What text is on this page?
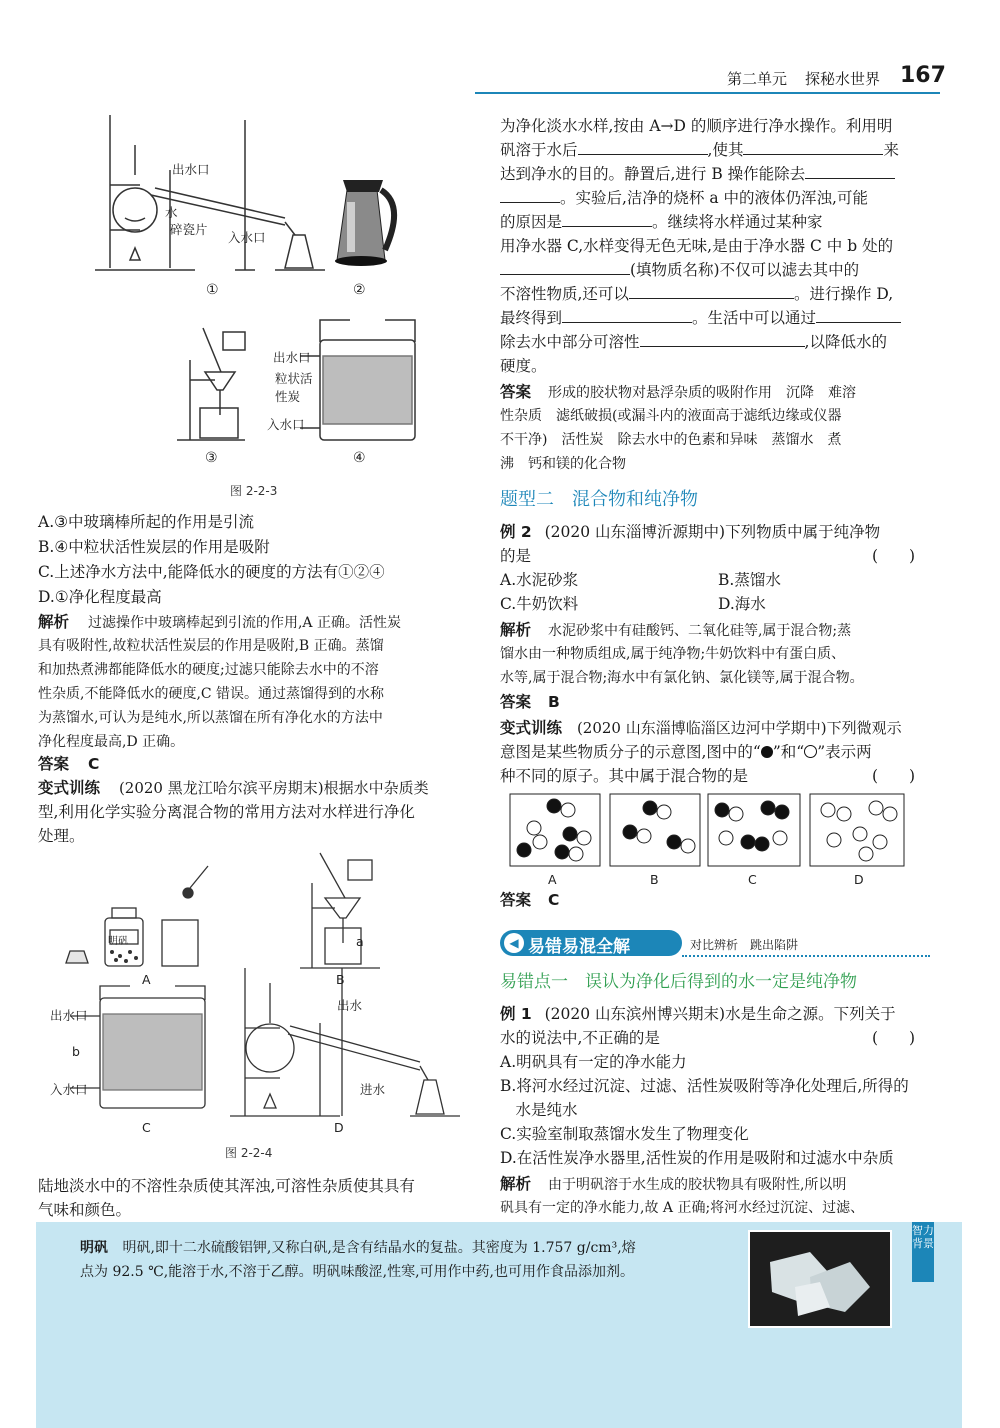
第二单元 探秘水世界 167
出水口
水
碎瓷片
入水口
出水口
粒状活
性炭
入水口
①	②
③	④
图 2-2-3
A.③中玻璃棒所起的作用是引流
B.④中粒状活性炭层的作用是吸附
C.上述净水方法中,能降低水的硬度的方法有①②④
D.①净化程度最高
解析 过滤操作中玻璃棒起到引流的作用,A 正确。活性炭
具有吸附性,故粒状活性炭层的作用是吸附,B 正确。蒸馏
和加热煮沸都能降低水的硬度;过滤只能除去水中的不溶
性杂质,不能降低水的硬度,C 错误。通过蒸馏得到的水称
为蒸馏水,可认为是纯水,所以蒸馏在所有净化水的方法中
净化程度最高,D 正确。
答案 C
变式训练 (2020 黑龙江哈尔滨平房期末)根据水中杂质类
型,利用化学实验分离混合物的常用方法对水样进行净化
处理。
明矾	a
出水口
b
入水口
出水
进水
A	B
C	D
图 2-2-4
陆地淡水中的不溶性杂质使其浑浊,可溶性杂质使其具有
气味和颜色。
为净化淡水水样,按由 A→D 的顺序进行净水操作。利用明
矾溶于水后	,使其	来
达到净水的目的。静置后,进行 B 操作能除去
。实验后,洁净的烧杯 a 中的液体仍浑浊,可能
的原因是	。继续将水样通过某种家
用净水器 C,水样变得无色无味,是由于净水器 C 中 b 处的
(填物质名称)不仅可以滤去其中的
不溶性物质,还可以	。进行操作 D,
最终得到	。生活中可以通过
除去水中部分可溶性	,以降低水的
硬度。
答案 形成的胶状物对悬浮杂质的吸附作用　沉降　难溶
性杂质　滤纸破损(或漏斗内的液面高于滤纸边缘或仪器
不干净)　活性炭　除去水中的色素和异味　蒸馏水　煮
沸　钙和镁的化合物
题型二　混合物和纯净物
例 2 (2020 山东淄博沂源期中)下列物质中属于纯净物
的是	(　　)
A.水泥砂浆	B.蒸馏水
C.牛奶饮料	D.海水
解析 水泥砂浆中有硅酸钙、二氧化硅等,属于混合物;蒸
馏水由一种物质组成,属于纯净物;牛奶饮料中有蛋白质、
水等,属于混合物;海水中有氯化钠、氯化镁等,属于混合物。
答案 B
变式训练 (2020 山东淄博临淄区边河中学期中)下列微观示
意图是某些物质分子的示意图,图中的“ ”和“ ”表示两
种不同的原子。其中属于混合物的是	(　　)
A	B	C	D
答案 C
◀ 易错易混全解	对比辨析　跳出陷阱
易错点一　误认为净化后得到的水一定是纯净物
例 1 (2020 山东滨州博兴期末)水是生命之源。下列关于
水的说法中,不正确的是	(　　)
A.明矾具有一定的净水能力
B.将河水经过沉淀、过滤、活性炭吸附等净化处理后,所得的
　水是纯水
C.实验室制取蒸馏水发生了物理变化
D.在活性炭净水器里,活性炭的作用是吸附和过滤水中杂质
解析 由于明矾溶于水生成的胶状物具有吸附性,所以明
矾具有一定的净水能力,故 A 正确;将河水经过沉淀、过滤、
明矾 明矾,即十二水硫酸铝钾,又称白矾,是含有结晶水的复盐。其密度为 1.757 g/cm³,熔
点为 92.5 ℃,能溶于水,不溶于乙醇。明矾味酸涩,性寒,可用作中药,也可用作食品添加剂。
智力背景
